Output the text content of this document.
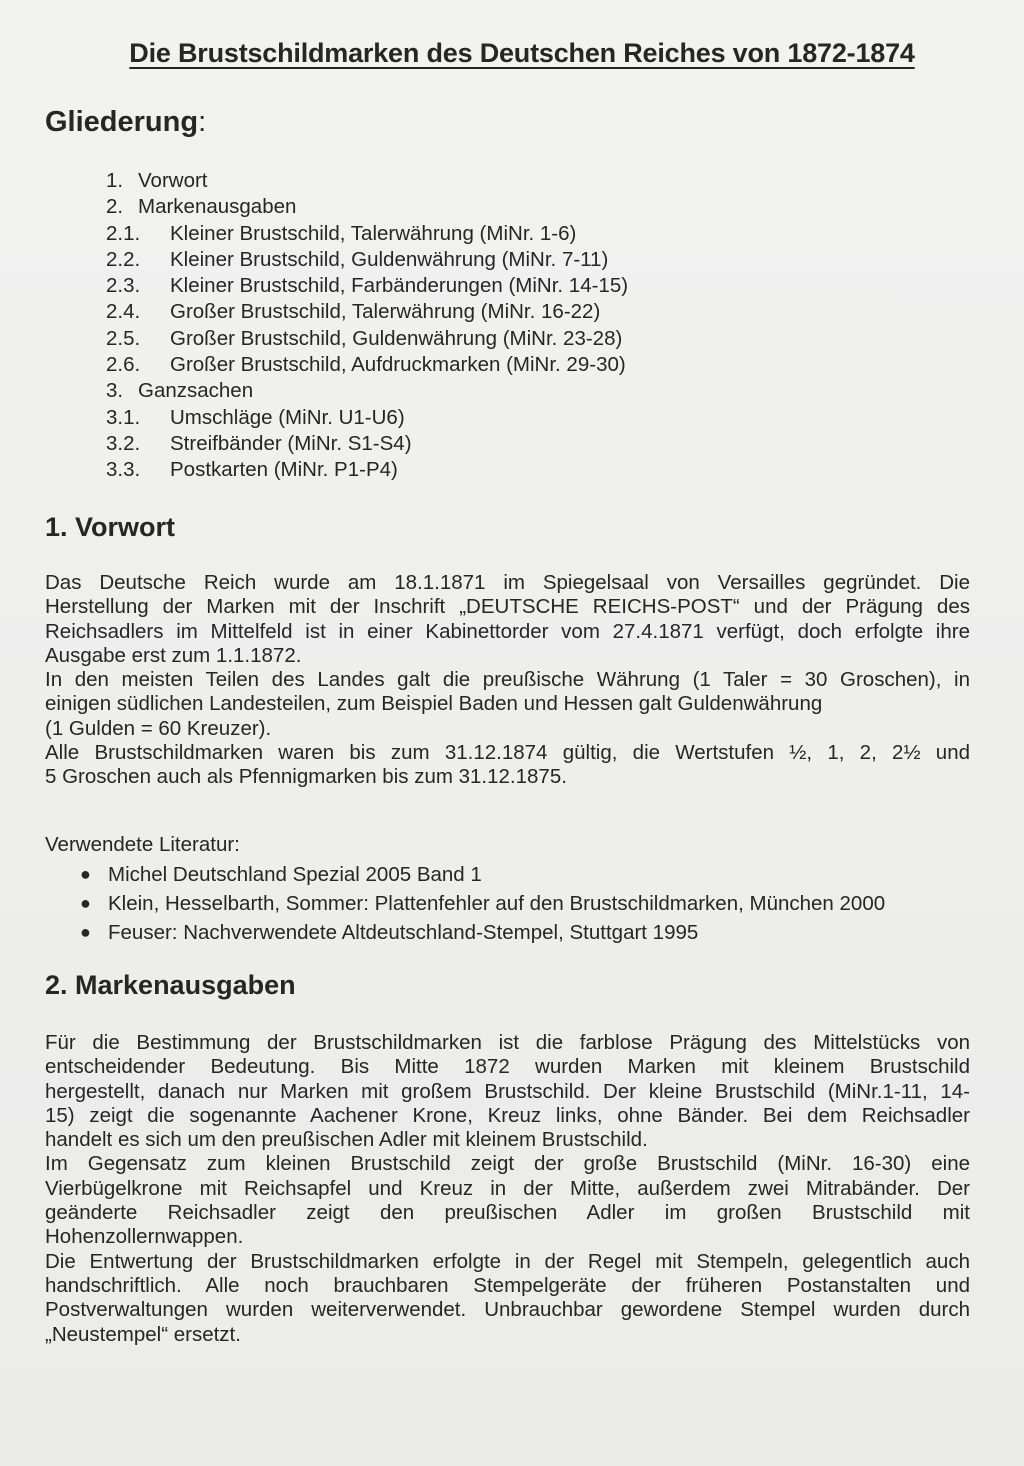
Die Brustschildmarken des Deutschen Reiches von 1872-1874
Gliederung:
1. Vorwort
2. Markenausgaben
2.1.	Kleiner Brustschild, Talerwährung (MiNr. 1-6)
2.2.	Kleiner Brustschild, Guldenwährung (MiNr. 7-11)
2.3.	Kleiner Brustschild, Farbänderungen (MiNr. 14-15)
2.4.	Großer Brustschild, Talerwährung (MiNr. 16-22)
2.5.	Großer Brustschild, Guldenwährung (MiNr. 23-28)
2.6.	Großer Brustschild, Aufdruckmarken (MiNr. 29-30)
3. Ganzsachen
3.1.	Umschläge (MiNr. U1-U6)
3.2.	Streifbänder (MiNr. S1-S4)
3.3.	Postkarten (MiNr. P1-P4)
1. Vorwort
Das Deutsche Reich wurde am 18.1.1871 im Spiegelsaal von Versailles gegründet. Die
Herstellung der Marken mit der Inschrift „DEUTSCHE REICHS-POST“ und der Prägung des
Reichsadlers im Mittelfeld ist in einer Kabinettorder vom 27.4.1871 verfügt, doch erfolgte ihre
Ausgabe erst zum 1.1.1872.
In den meisten Teilen des Landes galt die preußische Währung (1 Taler = 30 Groschen), in
einigen südlichen Landesteilen, zum Beispiel Baden und Hessen galt Guldenwährung
(1 Gulden = 60 Kreuzer).
Alle Brustschildmarken waren bis zum 31.12.1874 gültig, die Wertstufen ½, 1, 2, 2½ und
5 Groschen auch als Pfennigmarken bis zum 31.12.1875.
Verwendete Literatur:
● Michel Deutschland Spezial 2005 Band 1
● Klein, Hesselbarth, Sommer: Plattenfehler auf den Brustschildmarken, München 2000
● Feuser: Nachverwendete Altdeutschland-Stempel, Stuttgart 1995
2. Markenausgaben
Für die Bestimmung der Brustschildmarken ist die farblose Prägung des Mittelstücks von
entscheidender Bedeutung. Bis Mitte 1872 wurden Marken mit kleinem Brustschild
hergestellt, danach nur Marken mit großem Brustschild. Der kleine Brustschild (MiNr.1-11, 14-
15) zeigt die sogenannte Aachener Krone, Kreuz links, ohne Bänder. Bei dem Reichsadler
handelt es sich um den preußischen Adler mit kleinem Brustschild.
Im Gegensatz zum kleinen Brustschild zeigt der große Brustschild (MiNr. 16-30) eine
Vierbügelkrone mit Reichsapfel und Kreuz in der Mitte, außerdem zwei Mitrabänder. Der
geänderte Reichsadler zeigt den preußischen Adler im großen Brustschild mit
Hohenzollernwappen.
Die Entwertung der Brustschildmarken erfolgte in der Regel mit Stempeln, gelegentlich auch
handschriftlich. Alle noch brauchbaren Stempelgeräte der früheren Postanstalten und
Postverwaltungen wurden weiterverwendet. Unbrauchbar gewordene Stempel wurden durch
„Neustempel“ ersetzt.
